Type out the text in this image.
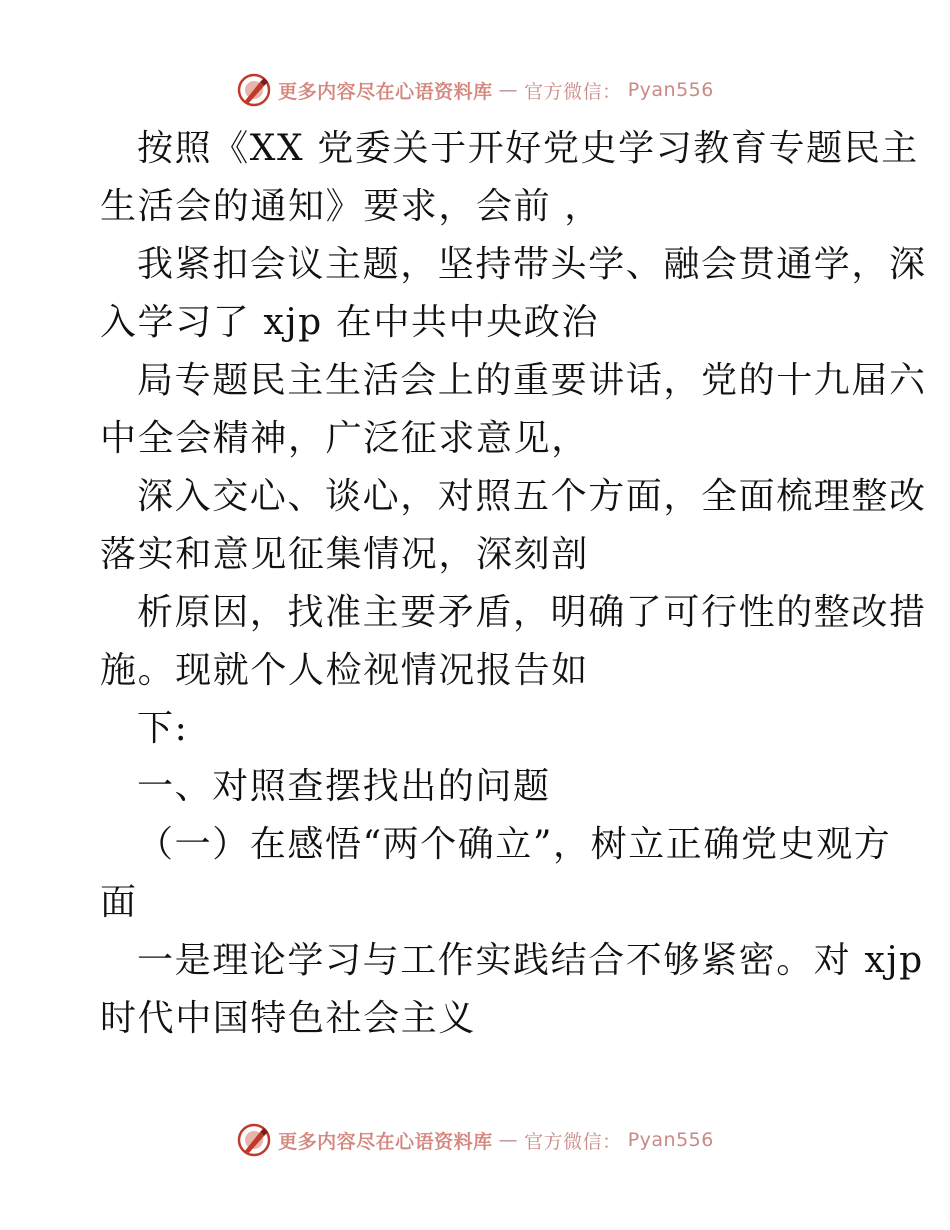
更多内容尽在心语资料库 — 官方微信： Pyan556
按照《XX 党委关于开好党史学习教育专题民主
生活会的通知》要求，会前 ，
我紧扣会议主题，坚持带头学、融会贯通学，深
入学习了 xjp 在中共中央政治
局专题民主生活会上的重要讲话，党的十九届六
中全会精神，广泛征求意见，
深入交心、谈心，对照五个方面，全面梳理整改
落实和意见征集情况，深刻剖
析原因，找准主要矛盾，明确了可行性的整改措
施。现就个人检视情况报告如
下:
一、对照查摆找出的问题
（一）在感悟“两个确立”，树立正确党史观方
面
一是理论学习与工作实践结合不够紧密。对 xjp
时代中国特色社会主义
更多内容尽在心语资料库 — 官方微信： Pyan556
